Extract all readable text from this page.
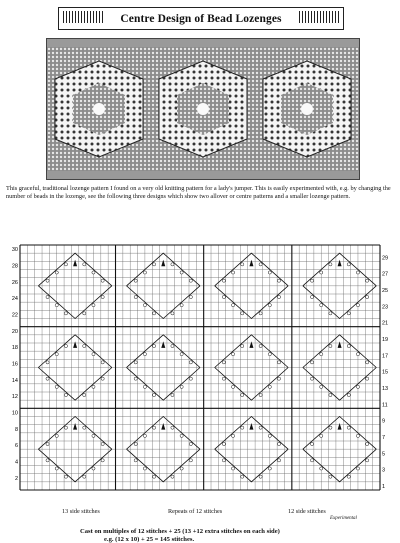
Centre Design of Bead Lozenges
This graceful, traditional lozenge pattern I found on a very old knitting pattern for a lady's jumper. This is easily experimented with, e.g. by changing the number of beads in the lozenge, see the following three designs which show two allover or centre patterns and a smaller lozenge pattern.
30
28
26
24
22
20
18
16
14
12
10
8
6
4
2
29
27
25
23
21
19
17
15
13
11
9
7
5
3
1
13 side stitches	Repeats of 12 stitches	12 side stitches
Experimental
Cast on multiples of 12 stitches + 25 (13 +12 extra stitches on each side)
e.g. (12 x 10) + 25 = 145 stitches.
